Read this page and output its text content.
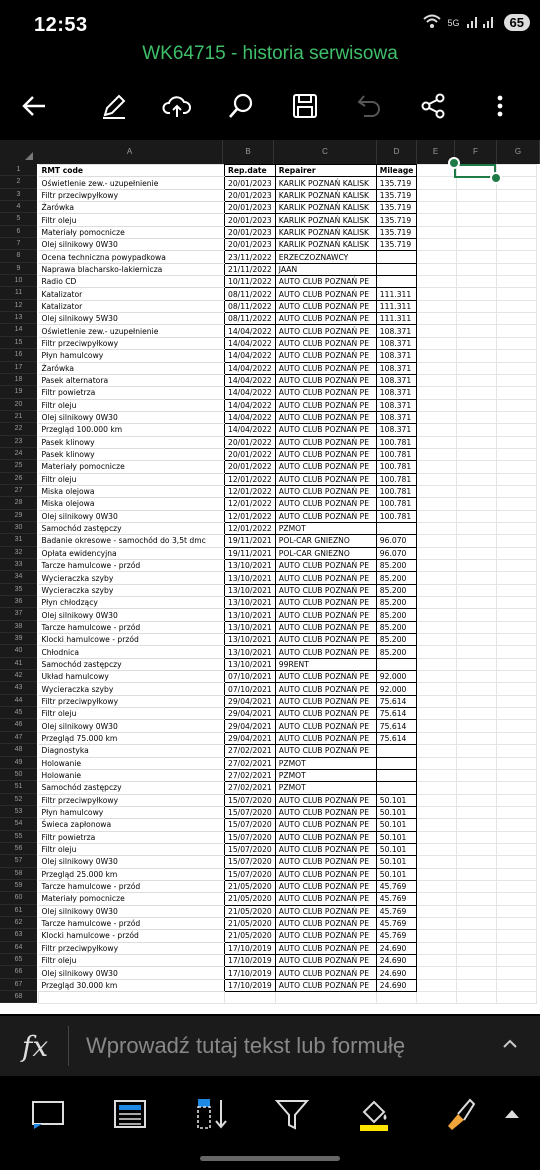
12:53	5G	65
WK64715 - historia serwisowa
A	B	C	D	E	F	G
1
2
3
4
5
6
7
8
9
10
11
12
13
14
15
16
17
18
19
20
21
22
23
24
25
26
27
28
29
30
31
32
33
34
35
36
37
38
39
40
41
42
43
44
45
46
47
48
49
50
51
52
53
54
55
56
57
58
59
60
61
62
63
64
65
66
67
68
RMT code	Rep.date	Repairer	Mileage			
Oświetlenie zew.- uzupełnienie	20/01/2023	KARLIK POZNAŃ KALISK	135.719			
Filtr przeciwpyłkowy	20/01/2023	KARLIK POZNAŃ KALISK	135.719			
Żarówka	20/01/2023	KARLIK POZNAŃ KALISK	135.719			
Filtr oleju	20/01/2023	KARLIK POZNAŃ KALISK	135.719			
Materiały pomocnicze	20/01/2023	KARLIK POZNAŃ KALISK	135.719			
Olej silnikowy 0W30	20/01/2023	KARLIK POZNAŃ KALISK	135.719			
Ocena techniczna powypadkowa	23/11/2022	ERZECZOZNAWCY				
Naprawa blacharsko-lakiernicza	21/11/2022	JAAN				
Radio CD	10/11/2022	AUTO CLUB POZNAŃ PE				
Katalizator	08/11/2022	AUTO CLUB POZNAŃ PE	111.311			
Katalizator	08/11/2022	AUTO CLUB POZNAŃ PE	111.311			
Olej silnikowy 5W30	08/11/2022	AUTO CLUB POZNAŃ PE	111.311			
Oświetlenie zew.- uzupełnienie	14/04/2022	AUTO CLUB POZNAŃ PE	108.371			
Filtr przeciwpyłkowy	14/04/2022	AUTO CLUB POZNAŃ PE	108.371			
Płyn hamulcowy	14/04/2022	AUTO CLUB POZNAŃ PE	108.371			
Żarówka	14/04/2022	AUTO CLUB POZNAŃ PE	108.371			
Pasek alternatora	14/04/2022	AUTO CLUB POZNAŃ PE	108.371			
Filtr powietrza	14/04/2022	AUTO CLUB POZNAŃ PE	108.371			
Filtr oleju	14/04/2022	AUTO CLUB POZNAŃ PE	108.371			
Olej silnikowy 0W30	14/04/2022	AUTO CLUB POZNAŃ PE	108.371			
Przegląd 100.000 km	14/04/2022	AUTO CLUB POZNAŃ PE	108.371			
Pasek klinowy	20/01/2022	AUTO CLUB POZNAŃ PE	100.781			
Pasek klinowy	20/01/2022	AUTO CLUB POZNAŃ PE	100.781			
Materiały pomocnicze	20/01/2022	AUTO CLUB POZNAŃ PE	100.781			
Filtr oleju	12/01/2022	AUTO CLUB POZNAŃ PE	100.781			
Miska olejowa	12/01/2022	AUTO CLUB POZNAŃ PE	100.781			
Miska olejowa	12/01/2022	AUTO CLUB POZNAŃ PE	100.781			
Olej silnikowy 0W30	12/01/2022	AUTO CLUB POZNAŃ PE	100.781			
Samochód zastępczy	12/01/2022	PZMOT				
Badanie okresowe - samochód do 3,5t dmc	19/11/2021	POL-CAR GNIEZNO	96.070			
Opłata ewidencyjna	19/11/2021	POL-CAR GNIEZNO	96.070			
Tarcze hamulcowe - przód	13/10/2021	AUTO CLUB POZNAŃ PE	85.200			
Wycieraczka szyby	13/10/2021	AUTO CLUB POZNAŃ PE	85.200			
Wycieraczka szyby	13/10/2021	AUTO CLUB POZNAŃ PE	85.200			
Płyn chłodzący	13/10/2021	AUTO CLUB POZNAŃ PE	85.200			
Olej silnikowy 0W30	13/10/2021	AUTO CLUB POZNAŃ PE	85.200			
Tarcze hamulcowe - przód	13/10/2021	AUTO CLUB POZNAŃ PE	85.200			
Klocki hamulcowe - przód	13/10/2021	AUTO CLUB POZNAŃ PE	85.200			
Chłodnica	13/10/2021	AUTO CLUB POZNAŃ PE	85.200			
Samochód zastępczy	13/10/2021	99RENT				
Układ hamulcowy	07/10/2021	AUTO CLUB POZNAŃ PE	92.000			
Wycieraczka szyby	07/10/2021	AUTO CLUB POZNAŃ PE	92.000			
Filtr przeciwpyłkowy	29/04/2021	AUTO CLUB POZNAŃ PE	75.614			
Filtr oleju	29/04/2021	AUTO CLUB POZNAŃ PE	75.614			
Olej silnikowy 0W30	29/04/2021	AUTO CLUB POZNAŃ PE	75.614			
Przegląd 75.000 km	29/04/2021	AUTO CLUB POZNAŃ PE	75.614			
Diagnostyka	27/02/2021	AUTO CLUB POZNAŃ PE				
Holowanie	27/02/2021	PZMOT				
Holowanie	27/02/2021	PZMOT				
Samochód zastępczy	27/02/2021	PZMOT				
Filtr przeciwpyłkowy	15/07/2020	AUTO CLUB POZNAŃ PE	50.101			
Płyn hamulcowy	15/07/2020	AUTO CLUB POZNAŃ PE	50.101			
Świeca zapłonowa	15/07/2020	AUTO CLUB POZNAŃ PE	50.101			
Filtr powietrza	15/07/2020	AUTO CLUB POZNAŃ PE	50.101			
Filtr oleju	15/07/2020	AUTO CLUB POZNAŃ PE	50.101			
Olej silnikowy 0W30	15/07/2020	AUTO CLUB POZNAŃ PE	50.101			
Przegląd 25.000 km	15/07/2020	AUTO CLUB POZNAŃ PE	50.101			
Tarcze hamulcowe - przód	21/05/2020	AUTO CLUB POZNAŃ PE	45.769			
Materiały pomocnicze	21/05/2020	AUTO CLUB POZNAŃ PE	45.769			
Olej silnikowy 0W30	21/05/2020	AUTO CLUB POZNAŃ PE	45.769			
Tarcze hamulcowe - przód	21/05/2020	AUTO CLUB POZNAŃ PE	45.769			
Klocki hamulcowe - przód	21/05/2020	AUTO CLUB POZNAŃ PE	45.769			
Filtr przeciwpyłkowy	17/10/2019	AUTO CLUB POZNAŃ PE	24.690			
Filtr oleju	17/10/2019	AUTO CLUB POZNAŃ PE	24.690			
Olej silnikowy 0W30	17/10/2019	AUTO CLUB POZNAŃ PE	24.690			
Przegląd 30.000 km	17/10/2019	AUTO CLUB POZNAŃ PE	24.690			

fx Wprowadź tutaj tekst lub formułę
